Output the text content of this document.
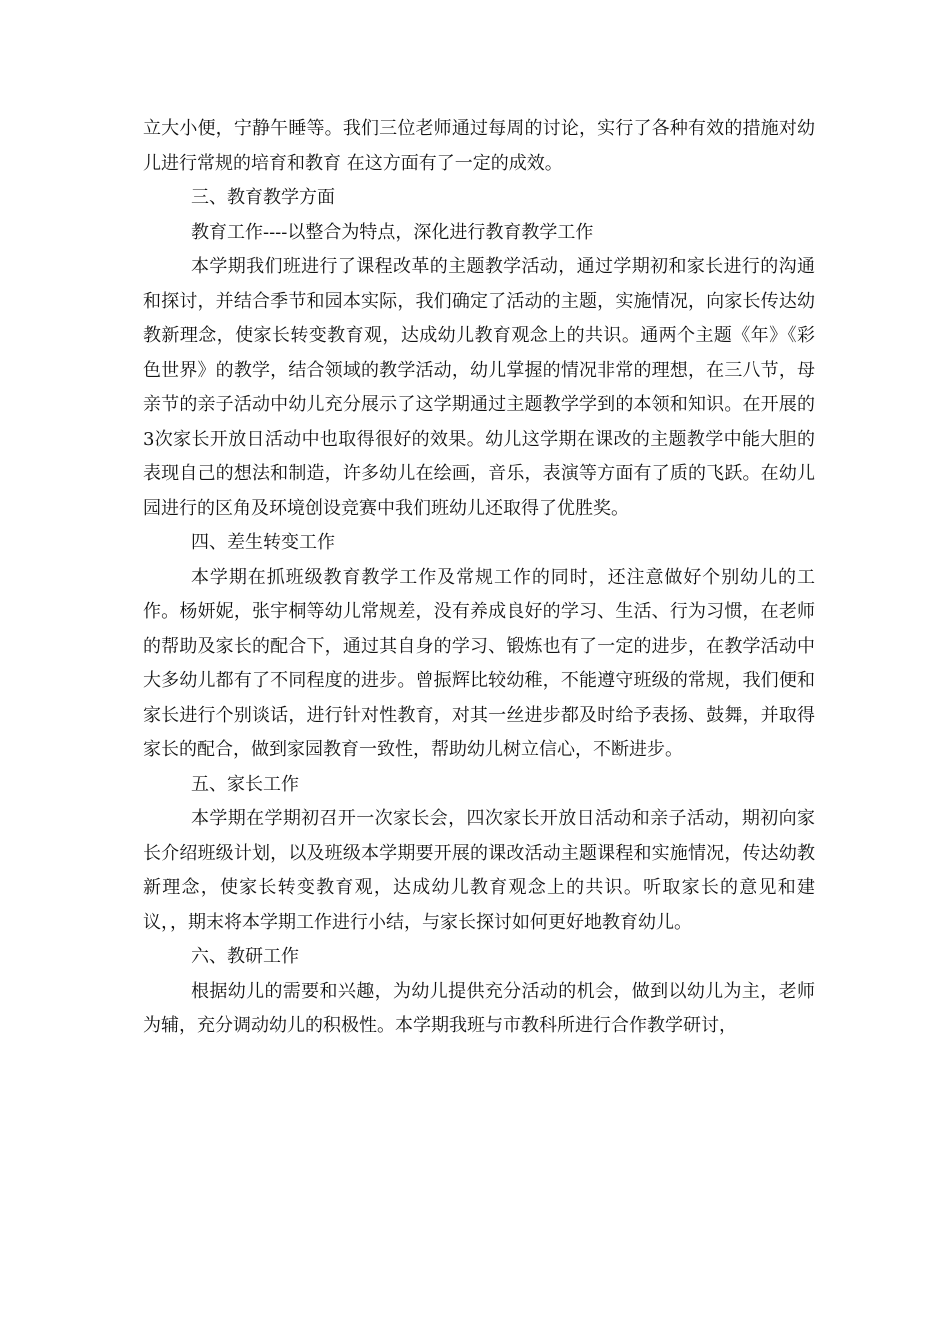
立大小便，宁静午睡等。我们三位老师通过每周的讨论，实行了各种有效的措施对幼儿进行常规的培育和教育 在这方面有了一定的成效。

三、教育教学方面

教育工作----以整合为特点，深化进行教育教学工作

本学期我们班进行了课程改革的主题教学活动，通过学期初和家长进行的沟通和探讨，并结合季节和园本实际，我们确定了活动的主题，实施情况，向家长传达幼教新理念，使家长转变教育观，达成幼儿教育观念上的共识。通两个主题《年》《彩色世界》的教学，结合领域的教学活动，幼儿掌握的情况非常的理想，在三八节，母亲节的亲子活动中幼儿充分展示了这学期通过主题教学学到的本领和知识。在开展的3次家长开放日活动中也取得很好的效果。幼儿这学期在课改的主题教学中能大胆的表现自己的想法和制造，许多幼儿在绘画，音乐，表演等方面有了质的飞跃。在幼儿园进行的区角及环境创设竞赛中我们班幼儿还取得了优胜奖。

四、差生转变工作

本学期在抓班级教育教学工作及常规工作的同时，还注意做好个别幼儿的工作。杨妍妮，张宇桐等幼儿常规差，没有养成良好的学习、生活、行为习惯，在老师的帮助及家长的配合下，通过其自身的学习、锻炼也有了一定的进步，在教学活动中大多幼儿都有了不同程度的进步。曾振辉比较幼稚，不能遵守班级的常规，我们便和家长进行个别谈话，进行针对性教育，对其一丝进步都及时给予表扬、鼓舞，并取得家长的配合，做到家园教育一致性，帮助幼儿树立信心，不断进步。

五、家长工作

本学期在学期初召开一次家长会，四次家长开放日活动和亲子活动，期初向家长介绍班级计划，以及班级本学期要开展的课改活动主题课程和实施情况，传达幼教新理念，使家长转变教育观，达成幼儿教育观念上的共识。听取家长的意见和建议，，期末将本学期工作进行小结，与家长探讨如何更好地教育幼儿。

六、教研工作

根据幼儿的需要和兴趣，为幼儿提供充分活动的机会，做到以幼儿为主，老师为辅，充分调动幼儿的积极性。本学期我班与市教科所进行合作教学研讨，
